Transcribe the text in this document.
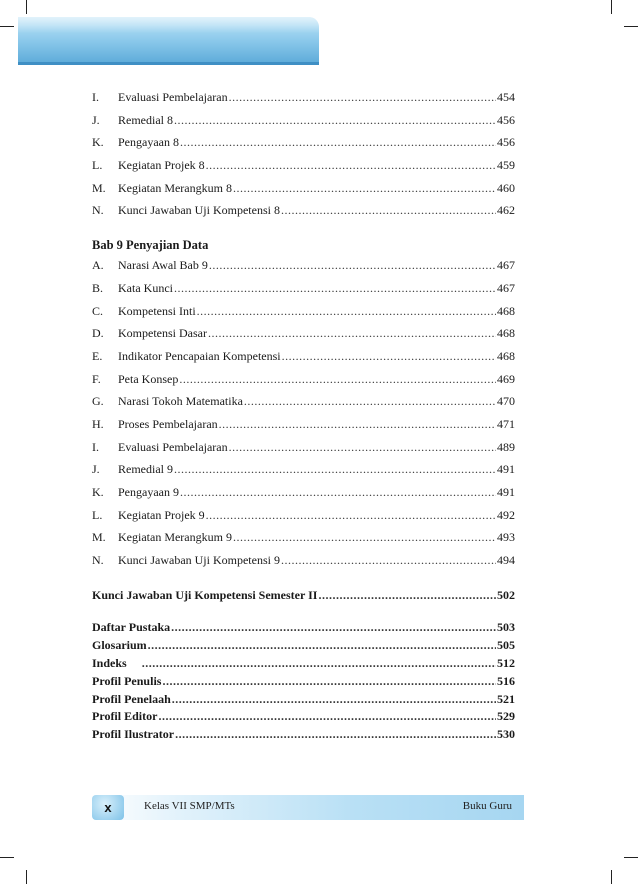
I.	Evaluasi Pembelajaran .....	454
J.	Remedial 8 .....	456
K.	Pengayaan 8 .....	456
L.	Kegiatan Projek 8 .....	459
M.	Kegiatan Merangkum 8 .....	460
N.	Kunci Jawaban Uji Kompetensi 8 .....	462
Bab 9 Penyajian Data
A.	Narasi Awal Bab 9 .....	467
B.	Kata Kunci .....	467
C.	Kompetensi Inti .....	468
D.	Kompetensi Dasar .....	468
E.	Indikator Pencapaian Kompetensi .....	468
F.	Peta Konsep .....	469
G.	Narasi Tokoh Matematika .....	470
H.	Proses Pembelajaran .....	471
I.	Evaluasi Pembelajaran .....	489
J.	Remedial 9 .....	491
K.	Pengayaan 9 .....	491
L.	Kegiatan Projek 9 .....	492
M.	Kegiatan Merangkum 9 .....	493
N.	Kunci Jawaban Uji Kompetensi 9 .....	494
Kunci Jawaban Uji Kompetensi Semester II .....	502
Daftar Pustaka .....	503
Glosarium .....	505
Indeks .....	512
Profil Penulis .....	516
Profil Penelaah .....	521
Profil Editor .....	529
Profil Ilustrator .....	530
x	Kelas VII SMP/MTs	Buku Guru
